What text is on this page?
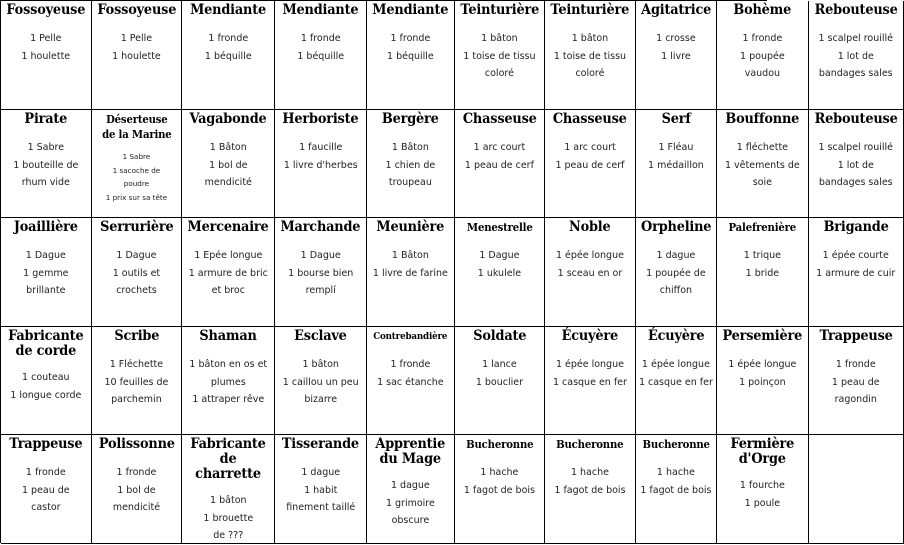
Fossoyeuse
1 Pelle
1 houlette
Fossoyeuse
1 Pelle
1 houlette
Mendiante
1 fronde
1 béquille
Mendiante
1 fronde
1 béquille
Mendiante
1 fronde
1 béquille
Teinturière
1 bâton
1 toise de tissu
coloré
Teinturière
1 bâton
1 toise de tissu
coloré
Agitatrice
1 crosse
1 livre
Bohème
1 fronde
1 poupée
vaudou
Rebouteuse
1 scalpel rouillé
1 lot de
bandages sales
Pirate
1 Sabre
1 bouteille de
rhum vide
Déserteuse
de la Marine
1 Sabre
1 sacoche de
poudre
1 prix sur sa tête
Vagabonde
1 Bâton
1 bol de
mendicité
Herboriste
1 faucille
1 livre d'herbes
Bergère
1 Bâton
1 chien de
troupeau
Chasseuse
1 arc court
1 peau de cerf
Chasseuse
1 arc court
1 peau de cerf
Serf
1 Fléau
1 médaillon
Bouffonne
1 fléchette
1 vêtements de
soie
Rebouteuse
1 scalpel rouillé
1 lot de
bandages sales
Joaillière
1 Dague
1 gemme
brillante
Serrurière
1 Dague
1 outils et
crochets
Mercenaire
1 Epée longue
1 armure de bric
et broc
Marchande
1 Dague
1 bourse bien
remplí
Meunière
1 Bâton
1 livre de farine
Menestrelle
1 Dague
1 ukulele
Noble
1 épée longue
1 sceau en or
Orpheline
1 dague
1 poupée de
chiffon
Palefrenière
1 trique
1 bride
Brigande
1 épée courte
1 armure de cuir
Fabricante
de corde
1 couteau
1 longue corde
Scribe
1 Fléchette
10 feuilles de
parchemin
Shaman
1 bâton en os et
plumes
1 attraper rêve
Esclave
1 bâton
1 caillou un peu
bizarre
Contrebandière
1 fronde
1 sac étanche
Soldate
1 lance
1 bouclier
Écuyère
1 épée longue
1 casque en fer
Écuyère
1 épée longue
1 casque en fer
Persemière
1 épée longue
1 poinçon
Trappeuse
1 fronde
1 peau de
ragondin
Trappeuse
1 fronde
1 peau de
castor
Polissonne
1 fronde
1 bol de
mendicité
Fabricante
de charrette
1 bâton
1 brouette
de ???
Tisserande
1 dague
1 habit
finement taillé
Apprentie
du Mage
1 dague
1 grimoire
obscure
Bucheronne
1 hache
1 fagot de bois
Bucheronne
1 hache
1 fagot de bois
Bucheronne
1 hache
1 fagot de bois
Fermière
d'Orge
1 fourche
1 poule
